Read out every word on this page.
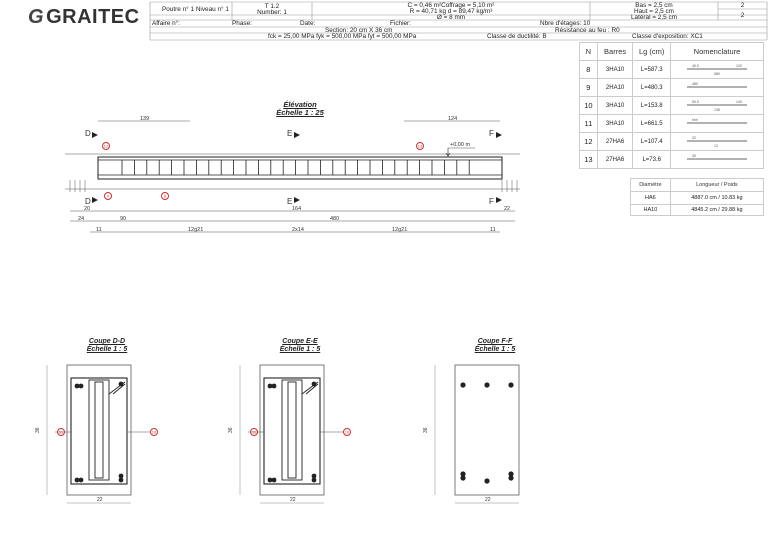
G GRAITEC	Poutre n° 1 Niveau n° 1	T 1.2
Number: 1
C = 0,46 m²Coffrage = 5,10 m²
R = 40,71 kg d = 89,47 kg/m³
Ø = 8 mm
Bas = 2,5 cm
Haut = 2,5 cm
Latéral = 2,5 cm
2
2
Affaire n°:	Phase:	Date:	Fichier:	Nbre d'étages: 10
Section: 20 cm X 36 cm	Résistance au feu : R0
fck = 25,00 MPa fyk = 500,00 MPa fyt = 500,00 MPa	Classe de ductilité: B	Classe d'exposition: XC1
Élévation
Échelle 1 : 25
139	124
D	E	F
D	E	F
+0,00 m
12	13
9	8
20	164	22
24	90	480
11	12g21	2x14	12g21	11
N	Barres	Lg (cm)	Nomenclature
8	3HA10	L=587.3	40.0
580
120

9	2HA10	L=480.3	480

10	3HA10	L=153.8	50.0
135
140

11	3HA10	L=661.5	hhh

12	27HA6	L=107.4	32
12

13	27HA6	L=73.6	30
Diamètre	Longueur / Poids
HA6	4887.0 cm / 10.83 kg
HA10	4845.2 cm / 29.88 kg
Coupe D-D
Échelle 1 : 5
36
22
11	10
Coupe E-E
Échelle 1 : 5
36
22
11	10
Coupe F-F
Échelle 1 : 5
36
22
